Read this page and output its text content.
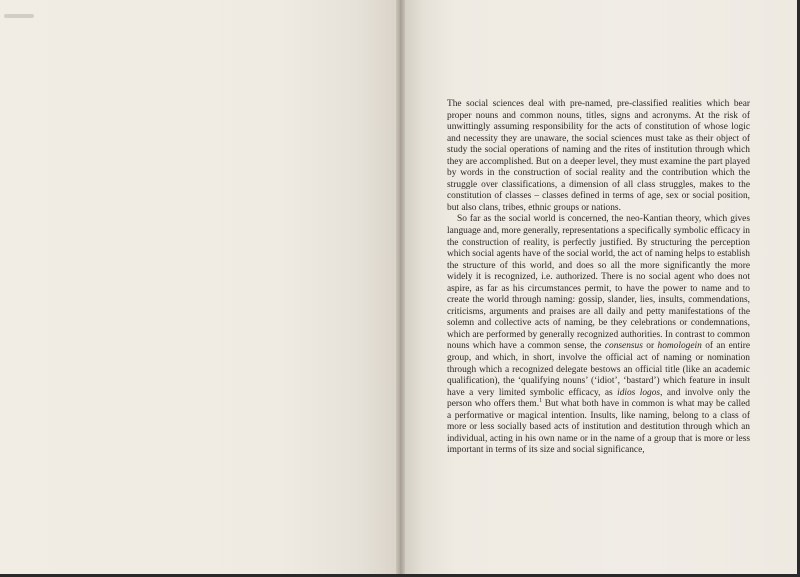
The social sciences deal with pre-named, pre-classified realities which bear proper nouns and common nouns, titles, signs and acronyms. At the risk of unwittingly assuming responsibility for the acts of constitution of whose logic and necessity they are unaware, the social sciences must take as their object of study the social operations of naming and the rites of institution through which they are accomplished. But on a deeper level, they must examine the part played by words in the construction of social reality and the contribution which the struggle over classifications, a dimension of all class struggles, makes to the constitution of classes – classes defined in terms of age, sex or social position, but also clans, tribes, ethnic groups or nations.

So far as the social world is concerned, the neo-Kantian theory, which gives language and, more generally, representations a specifically symbolic efficacy in the construction of reality, is perfectly justified. By structuring the perception which social agents have of the social world, the act of naming helps to establish the structure of this world, and does so all the more significantly the more widely it is recognized, i.e. authorized. There is no social agent who does not aspire, as far as his circumstances permit, to have the power to name and to create the world through naming: gossip, slander, lies, insults, commendations, criticisms, arguments and praises are all daily and petty manifestations of the solemn and collective acts of naming, be they celebrations or condemnations, which are performed by generally recognized authorities. In contrast to common nouns which have a common sense, the consensus or homologein of an entire group, and which, in short, involve the official act of naming or nomination through which a recognized delegate bestows an official title (like an academic qualification), the ‘qualifying nouns’ (‘idiot’, ‘bastard’) which feature in insult have a very limited symbolic efficacy, as idios logos, and involve only the person who offers them.$^1$ But what both have in common is what may be called a performative or magical intention. Insults, like naming, belong to a class of more or less socially based acts of institution and destitution through which an individual, acting in his own name or in the name of a group that is more or less important in terms of its size and social significance,
